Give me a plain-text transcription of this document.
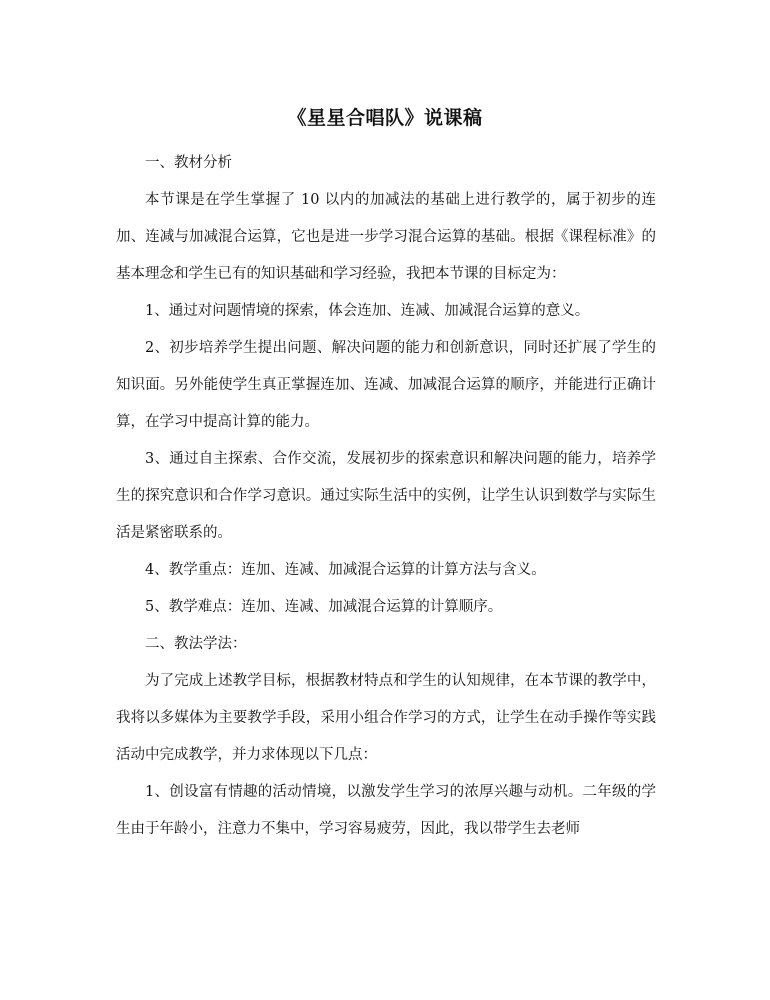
《星星合唱队》说课稿

一、教材分析

本节课是在学生掌握了 10 以内的加减法的基础上进行教学的，属于初步的连加、连减与加减混合运算，它也是进一步学习混合运算的基础。根据《课程标准》的基本理念和学生已有的知识基础和学习经验，我把本节课的目标定为：

1、通过对问题情境的探索，体会连加、连减、加减混合运算的意义。

2、初步培养学生提出问题、解决问题的能力和创新意识，同时还扩展了学生的知识面。另外能使学生真正掌握连加、连减、加减混合运算的顺序，并能进行正确计算，在学习中提高计算的能力。

3、通过自主探索、合作交流，发展初步的探索意识和解决问题的能力，培养学生的探究意识和合作学习意识。通过实际生活中的实例，让学生认识到数学与实际生活是紧密联系的。

4、教学重点：连加、连减、加减混合运算的计算方法与含义。

5、教学难点：连加、连减、加减混合运算的计算顺序。

二、教法学法：

为了完成上述教学目标，根据教材特点和学生的认知规律，在本节课的教学中，我将以多媒体为主要教学手段，采用小组合作学习的方式，让学生在动手操作等实践活动中完成教学，并力求体现以下几点：

1、创设富有情趣的活动情境，以激发学生学习的浓厚兴趣与动机。二年级的学生由于年龄小，注意力不集中，学习容易疲劳，因此，我以带学生去老师
